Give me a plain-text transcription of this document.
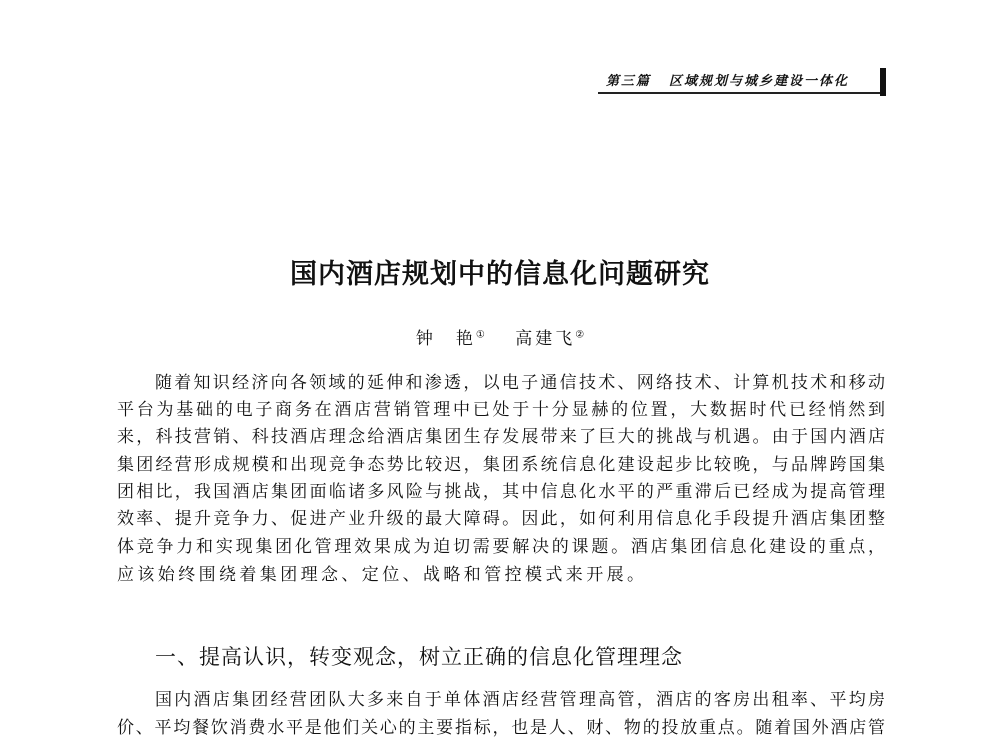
第三篇 区域规划与城乡建设一体化
国内酒店规划中的信息化问题研究
钟　艳① 高建飞②
随着知识经济向各领域的延伸和渗透，以电子通信技术、网络技术、计算机技术和移动
平台为基础的电子商务在酒店营销管理中已处于十分显赫的位置，大数据时代已经悄然到
来，科技营销、科技酒店理念给酒店集团生存发展带来了巨大的挑战与机遇。由于国内酒店
集团经营形成规模和出现竞争态势比较迟，集团系统信息化建设起步比较晚，与品牌跨国集
团相比，我国酒店集团面临诸多风险与挑战，其中信息化水平的严重滞后已经成为提高管理
效率、提升竞争力、促进产业升级的最大障碍。因此，如何利用信息化手段提升酒店集团整
体竞争力和实现集团化管理效果成为迫切需要解决的课题。酒店集团信息化建设的重点，
应该始终围绕着集团理念、定位、战略和管控模式来开展。
一、提高认识，转变观念，树立正确的信息化管理理念
国内酒店集团经营团队大多来自于单体酒店经营管理高管，酒店的客房出租率、平均房
价、平均餐饮消费水平是他们关心的主要指标，也是人、财、物的投放重点。随着国外酒店管
